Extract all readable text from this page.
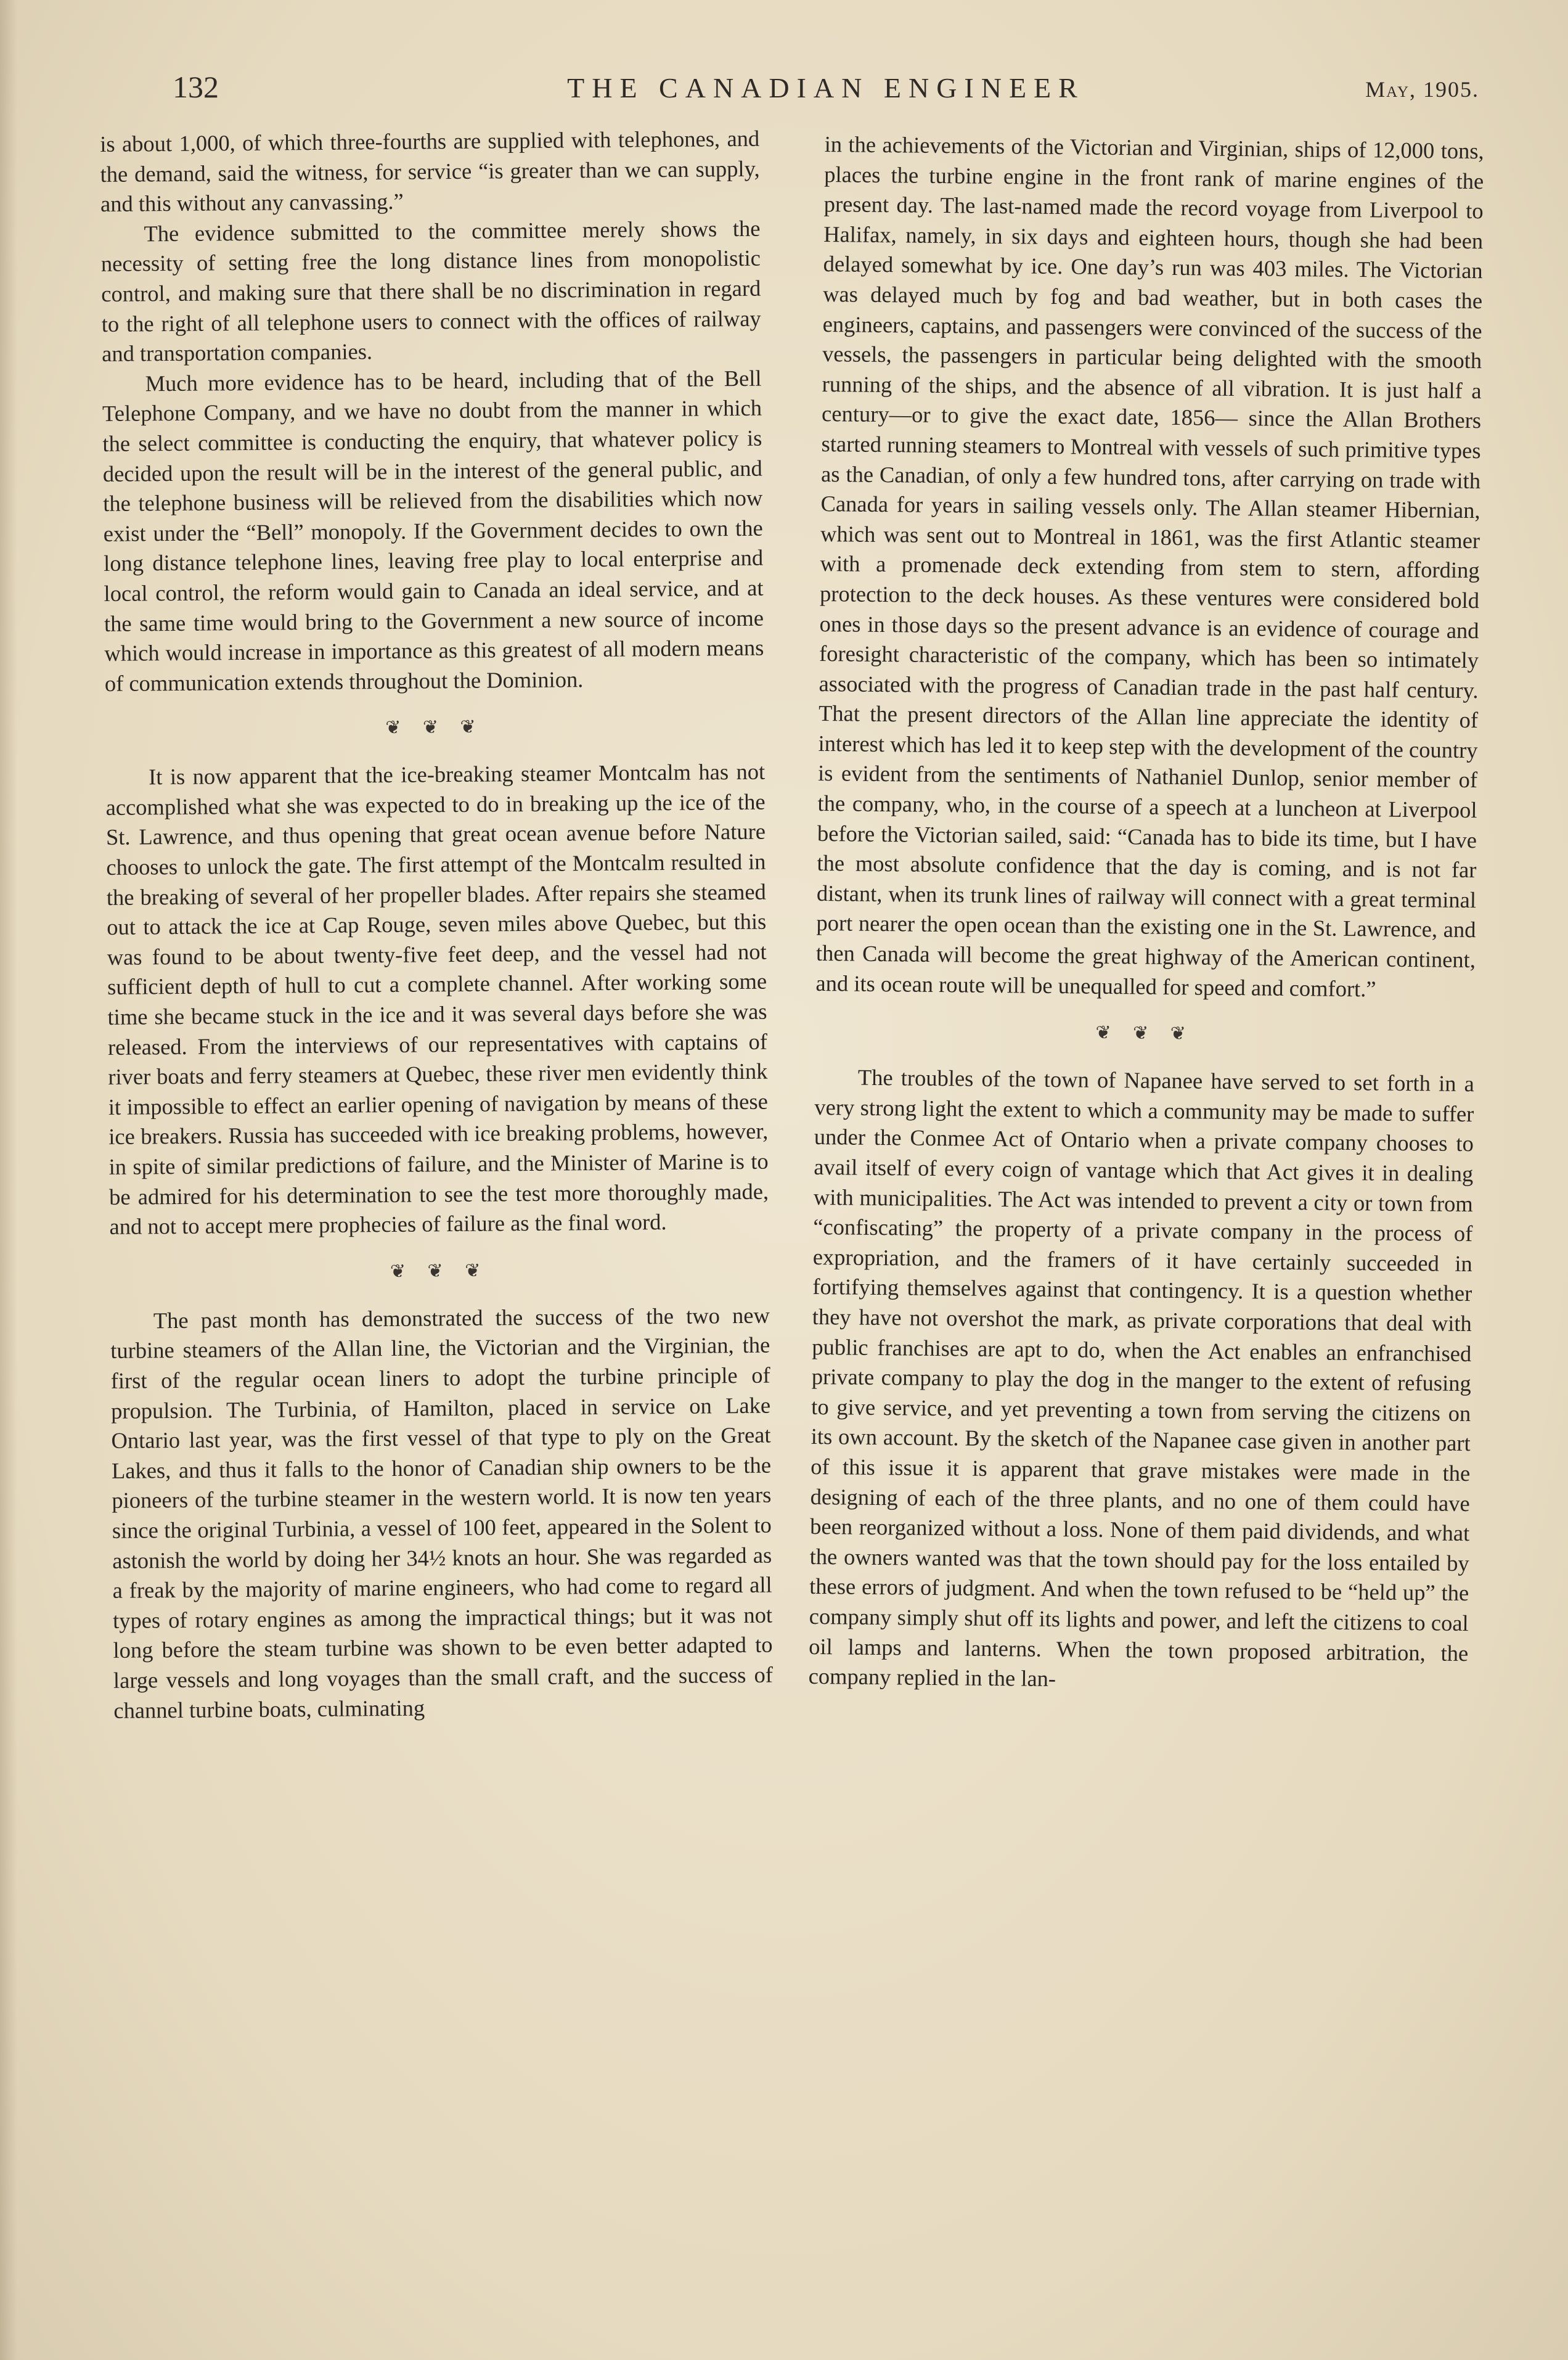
132	THE CANADIAN ENGINEER	May, 1905.

is about 1,000, of which three-fourths are supplied with telephones, and the demand, said the witness, for service “is greater than we can supply, and this without any canvassing.”

The evidence submitted to the committee merely shows the necessity of setting free the long distance lines from monopolistic control, and making sure that there shall be no discrimination in regard to the right of all telephone users to connect with the offices of railway and transportation companies.

Much more evidence has to be heard, including that of the Bell Telephone Company, and we have no doubt from the manner in which the select committee is conducting the enquiry, that whatever policy is decided upon the result will be in the interest of the general public, and the telephone business will be relieved from the disabilities which now exist under the “Bell” monopoly. If the Government decides to own the long distance telephone lines, leaving free play to local enterprise and local control, the reform would gain to Canada an ideal service, and at the same time would bring to the Government a new source of income which would increase in importance as this greatest of all modern means of communication extends throughout the Dominion.

❦ ❦ ❦

It is now apparent that the ice-breaking steamer Montcalm has not accomplished what she was expected to do in breaking up the ice of the St. Lawrence, and thus opening that great ocean avenue before Nature chooses to unlock the gate. The first attempt of the Montcalm resulted in the breaking of several of her propeller blades. After repairs she steamed out to attack the ice at Cap Rouge, seven miles above Quebec, but this was found to be about twenty-five feet deep, and the vessel had not sufficient depth of hull to cut a complete channel. After working some time she became stuck in the ice and it was several days before she was released. From the interviews of our representatives with captains of river boats and ferry steamers at Quebec, these river men evidently think it impossible to effect an earlier opening of navigation by means of these ice breakers. Russia has succeeded with ice breaking problems, however, in spite of similar predictions of failure, and the Minister of Marine is to be admired for his determination to see the test more thoroughly made, and not to accept mere prophecies of failure as the final word.

❦ ❦ ❦

The past month has demonstrated the success of the two new turbine steamers of the Allan line, the Victorian and the Virginian, the first of the regular ocean liners to adopt the turbine principle of propulsion. The Turbinia, of Hamilton, placed in service on Lake Ontario last year, was the first vessel of that type to ply on the Great Lakes, and thus it falls to the honor of Canadian ship owners to be the pioneers of the turbine steamer in the western world. It is now ten years since the original Turbinia, a vessel of 100 feet, appeared in the Solent to astonish the world by doing her 34½ knots an hour. She was regarded as a freak by the majority of marine engineers, who had come to regard all types of rotary engines as among the impractical things; but it was not long before the steam turbine was shown to be even better adapted to large vessels and long voyages than the small craft, and the success of channel turbine boats, culminating

in the achievements of the Victorian and Virginian, ships of 12,000 tons, places the turbine engine in the front rank of marine engines of the present day. The last-named made the record voyage from Liverpool to Halifax, namely, in six days and eighteen hours, though she had been delayed somewhat by ice. One day’s run was 403 miles. The Victorian was delayed much by fog and bad weather, but in both cases the engineers, captains, and passengers were convinced of the success of the vessels, the passengers in particular being delighted with the smooth running of the ships, and the absence of all vibration. It is just half a century—or to give the exact date, 1856— since the Allan Brothers started running steamers to Montreal with vessels of such primitive types as the Canadian, of only a few hundred tons, after carrying on trade with Canada for years in sailing vessels only. The Allan steamer Hibernian, which was sent out to Montreal in 1861, was the first Atlantic steamer with a promenade deck extending from stem to stern, affording protection to the deck houses. As these ventures were considered bold ones in those days so the present advance is an evidence of courage and foresight characteristic of the company, which has been so intimately associated with the progress of Canadian trade in the past half century. That the present directors of the Allan line appreciate the identity of interest which has led it to keep step with the development of the country is evident from the sentiments of Nathaniel Dunlop, senior member of the company, who, in the course of a speech at a luncheon at Liverpool before the Victorian sailed, said: “Canada has to bide its time, but I have the most absolute confidence that the day is coming, and is not far distant, when its trunk lines of railway will connect with a great terminal port nearer the open ocean than the existing one in the St. Lawrence, and then Canada will become the great highway of the American continent, and its ocean route will be unequalled for speed and comfort.”

❦ ❦ ❦

The troubles of the town of Napanee have served to set forth in a very strong light the extent to which a community may be made to suffer under the Conmee Act of Ontario when a private company chooses to avail itself of every coign of vantage which that Act gives it in dealing with municipalities. The Act was intended to prevent a city or town from “confiscating” the property of a private company in the process of expropriation, and the framers of it have certainly succeeded in fortifying themselves against that contingency. It is a question whether they have not overshot the mark, as private corporations that deal with public franchises are apt to do, when the Act enables an enfranchised private company to play the dog in the manger to the extent of refusing to give service, and yet preventing a town from serving the citizens on its own account. By the sketch of the Napanee case given in another part of this issue it is apparent that grave mistakes were made in the designing of each of the three plants, and no one of them could have been reorganized without a loss. None of them paid dividends, and what the owners wanted was that the town should pay for the loss entailed by these errors of judgment. And when the town refused to be “held up” the company simply shut off its lights and power, and left the citizens to coal oil lamps and lanterns. When the town proposed arbitration, the company replied in the lan-
